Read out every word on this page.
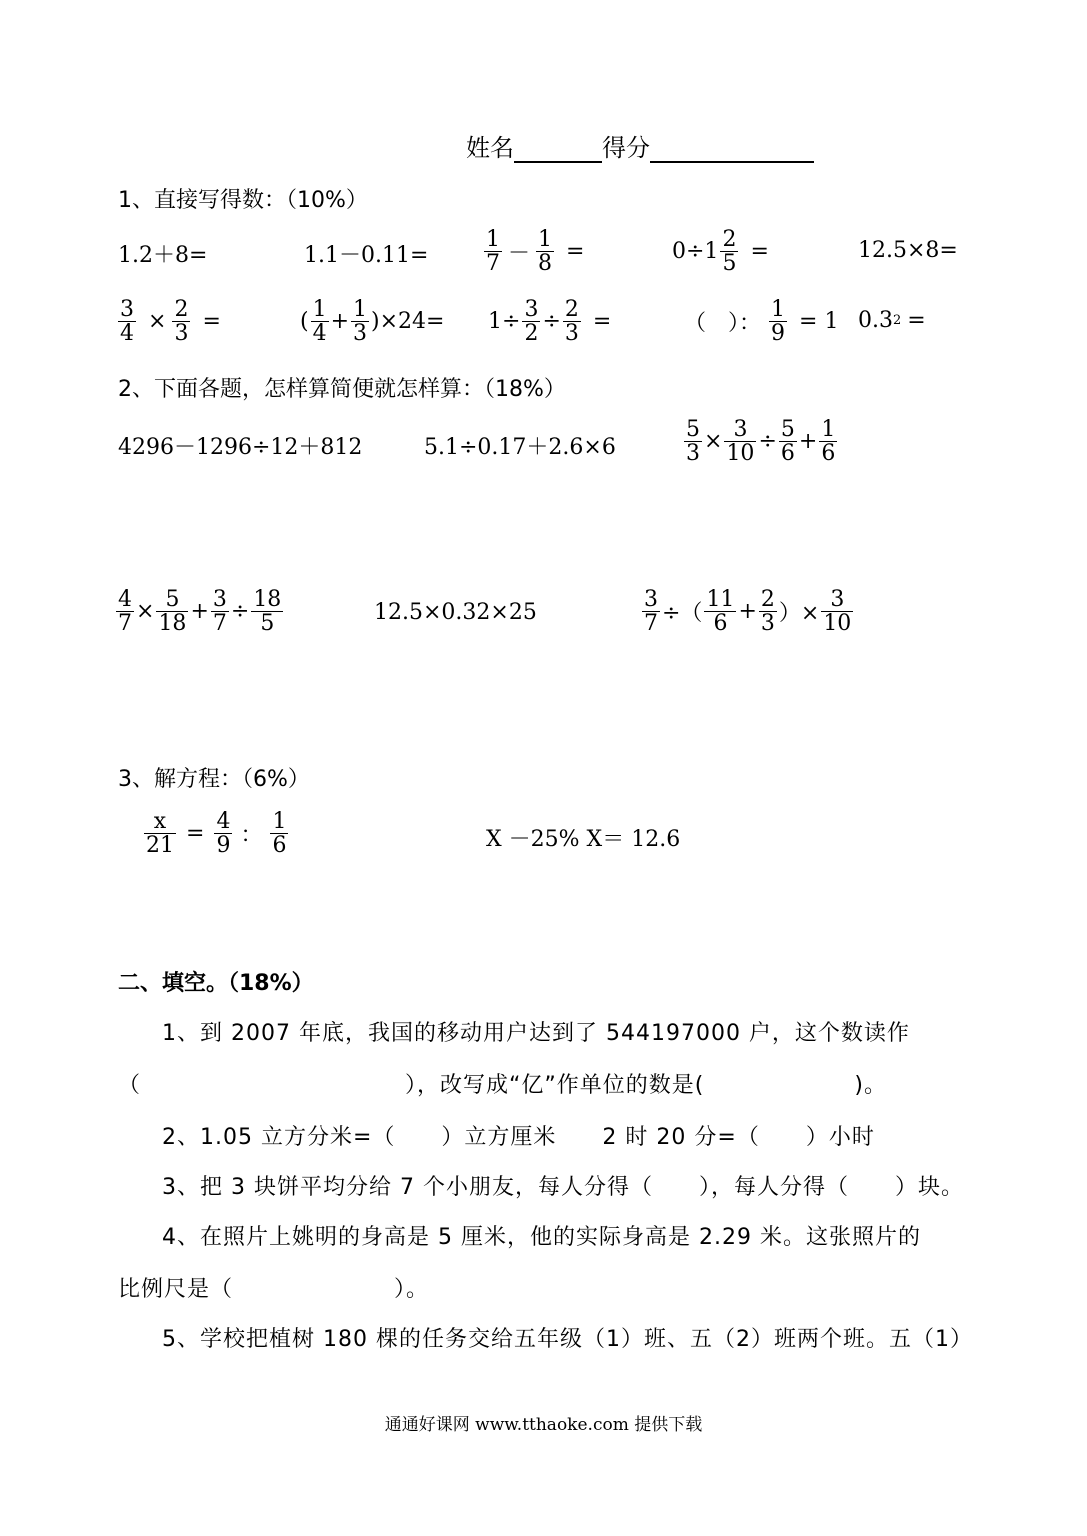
姓名	得分
1、直接写得数：（10%）
1.2＋8=	1.1－0.11=	$\frac{1}{7} - \frac{1}{8}$ =	$0\div 1 \frac{2}{5}$ =	12.5×8=
$\frac{3}{4} \times \frac{2}{3}$ =	( $\frac{1}{4} + \frac{1}{3} )\times 24= 1\div \frac{3}{2} \div \frac{2}{3}$ =	（　）： $\frac{1}{9} = 1$ 0.3 2 =
2、下面各题，怎样算简便就怎样算：（18%）
4296－1296÷12＋812	5.1÷0.17＋2.6×6	$\frac{5}{3} \times \frac{3}{10} \div \frac{5}{6} + \frac{1}{6}$
$\frac{4}{7} \times \frac{5}{18} + \frac{3}{7} \div \frac{18}{5}$	12.5×0.32×25	$\frac{3}{7}$ ÷（ $\frac{11}{6} + \frac{2}{3}$ ）× $\frac{3}{10}$
3、解方程：（6%）
$\frac{x}{21} = \frac{4}{9}$ ： $\frac{1}{6}$	X －25% X＝ 12.6
二、填空。（18%）
1、到 2007 年底，我国的移动用户达到了 544197000 户，这个数读作
（	），改写成“亿”作单位的数是(	)。
2、1.05 立方分米=（　　）立方厘米　　2 时 20 分=（　　）小时
3、把 3 块饼平均分给 7 个小朋友，每人分得（　　），每人分得（　　）块。
4、在照片上姚明的身高是 5 厘米，他的实际身高是 2.29 米。这张照片的
比例尺是（　　　　　　　）。
5、学校把植树 180 棵的任务交给五年级（1）班、五（2）班两个班。五（1）
通通好课网 www.tthaoke.com 提供下载
